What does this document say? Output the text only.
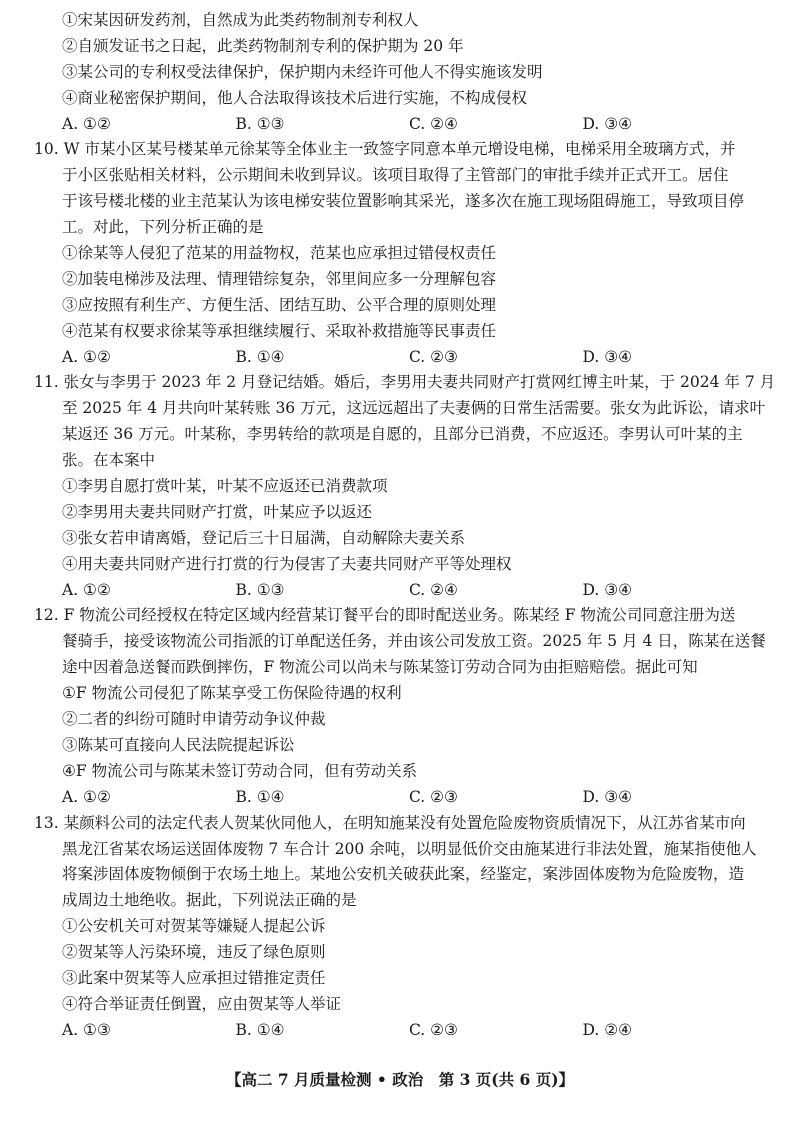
①宋某因研发药剂，自然成为此类药物制剂专利权人
②自颁发证书之日起，此类药物制剂专利的保护期为 20 年
③某公司的专利权受法律保护，保护期内未经许可他人不得实施该发明
④商业秘密保护期间，他人合法取得该技术后进行实施，不构成侵权
A. ①②	B. ①③	C. ②④	D. ③④
10. W 市某小区某号楼某单元徐某等全体业主一致签字同意本单元增设电梯，电梯采用全玻璃方式，并
于小区张贴相关材料，公示期间未收到异议。该项目取得了主管部门的审批手续并正式开工。居住
于该号楼北楼的业主范某认为该电梯安装位置影响其采光，遂多次在施工现场阻碍施工，导致项目停
工。对此，下列分析正确的是
①徐某等人侵犯了范某的用益物权，范某也应承担过错侵权责任
②加装电梯涉及法理、情理错综复杂，邻里间应多一分理解包容
③应按照有利生产、方便生活、团结互助、公平合理的原则处理
④范某有权要求徐某等承担继续履行、采取补救措施等民事责任
A. ①②	B. ①④	C. ②③	D. ③④
11. 张女与李男于 2023 年 2 月登记结婚。婚后，李男用夫妻共同财产打赏网红博主叶某，于 2024 年 7 月
至 2025 年 4 月共向叶某转账 36 万元，这远远超出了夫妻俩的日常生活需要。张女为此诉讼，请求叶
某返还 36 万元。叶某称，李男转给的款项是自愿的，且部分已消费，不应返还。李男认可叶某的主
张。在本案中
①李男自愿打赏叶某，叶某不应返还已消费款项
②李男用夫妻共同财产打赏，叶某应予以返还
③张女若申请离婚，登记后三十日届满，自动解除夫妻关系
④用夫妻共同财产进行打赏的行为侵害了夫妻共同财产平等处理权
A. ①②	B. ①③	C. ②④	D. ③④
12. F 物流公司经授权在特定区域内经营某订餐平台的即时配送业务。陈某经 F 物流公司同意注册为送
餐骑手，接受该物流公司指派的订单配送任务，并由该公司发放工资。2025 年 5 月 4 日，陈某在送餐
途中因着急送餐而跌倒摔伤，F 物流公司以尚未与陈某签订劳动合同为由拒赔赔偿。据此可知
①F 物流公司侵犯了陈某享受工伤保险待遇的权利
②二者的纠纷可随时申请劳动争议仲裁
③陈某可直接向人民法院提起诉讼
④F 物流公司与陈某未签订劳动合同，但有劳动关系
A. ①②	B. ①④	C. ②③	D. ③④
13. 某颜料公司的法定代表人贺某伙同他人，在明知施某没有处置危险废物资质情况下，从江苏省某市向
黑龙江省某农场运送固体废物 7 车合计 200 余吨，以明显低价交由施某进行非法处置，施某指使他人
将案涉固体废物倾倒于农场土地上。某地公安机关破获此案，经鉴定，案涉固体废物为危险废物，造
成周边土地绝收。据此，下列说法正确的是
①公安机关可对贺某等嫌疑人提起公诉
②贺某等人污染环境，违反了绿色原则
③此案中贺某等人应承担过错推定责任
④符合举证责任倒置，应由贺某等人举证
A. ①③	B. ①④	C. ②③	D. ②④
【高二 7 月质量检测 • 政治　第 3 页(共 6 页)】
